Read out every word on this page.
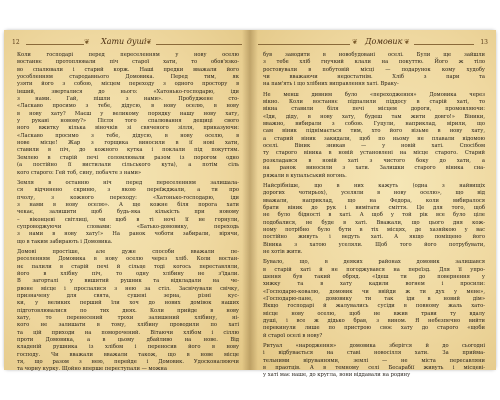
12	❦	Хати душі ❦
Коли господарі перед переселенням у нову оселю
востаннє протоплювали піч старої хати, то обов'язко-
во спалювали і старий корж. Нашi предки вважали його
уособленням стародавнього Домовика. Перед тим, як
узяти його з собою, місцем переходу з одного простору в
інший, зверталися до нього: «Хатонько-господарю, іди
з нами. Гай, пішли з нами». Пробуджене сто-
«Ласкаво просимо з тебе, дідусю, в нову оселю, в нову
в нову хату? Маєш у великому порядку нашу нову хату,
у рукаві новому?» Після того спалювання дещиці свого
ного вжитку кілька віночків зі свяченого зілля, приказуючи:
«Ласкаво просимо з тебе, дідусю, в нову оселю, в
нове місце! Жар з горщика виносили в ії нові хати,
ставили в піч, до кожного кутка і поклали під покуттям.
Землею в старій печі соломлювали разом із порогом одно
(а постійно її вистилали сільського кута), а потім сіль
кого старого: Гей тоб, сину, побачте з нами»
Земля в останню ніч перед переселенням залишала-
ся відчинено скриню, з якою переїжджали, а ти про
пчолу, з кожного переходу: «Хатонько-господарю, іди
з нами в нову оселю». А ще кожне біля порога хати
чекає, залишити щоб будь-яка кількість при новому
– віконцеві світлиці, чи щоб в ті ночі її не горнули,
супроводжуючи словами: «Батько-домовику, переходь
з нами в нову хату!» На ранок чоботи забирали, вірячи,
що в таким забирають і Домовика.
Домові простіше, але дуже способи вважали пе-
реселенням Домовика в нову оселю через хліб. Коли востан-
нє палили в старій печі й сільце тоді когось переставляли,
його в хлібну піч, то одну хлібину не з'їдали.
В загорталі у вишитий рушник та відкладали на че-
рвоне місце і прослалися з нею за стіл. Засвічували свічку,
призначену для свята, сушені зерна, різні кус-
ки, у великих перший їли хоч до нових домівок наших
підготовлювалися по тих днях. Коли прийде в нову
хату, то перенесений трохи залишений хлібину, ні-
кого не залишати в тому, хлібину проводили по хаті
та цій приходи на поморочений. Вітаючи хлібом і сіллю
проти Домовика, а в цьому дбайливо на нове. Від
кладеній рушника із хлібом і переносив його в нову
господу. Чи вважали вважали також, що в нове місце
тя, що разом з нею, перейде і Домовик. Удосконалюючи
та чорну курку. Щойно вперше переступали — можна
❦ Домовик ❦	13
був заводити в новобудовані оселі. Були ще зайшли
з тебе хліб гнучкий клали на покуттю. Його ж тіло
ростовували в побутовій місці — подарунок кому худобу
чи вважаючи недостатнім. Хліб з пари та
на пам'ять і що хлібних виправлення хаті. Враку-
Не менш дивним було «переходження» Домовика через
вікно. Коли востаннє підпалили піддосу в старій хаті, то
вікна ставили біля печі місцем дороги, промовляючи:
«Іди, діду, в нову хату, будеш там жити довго!» Віники,
вважно, вибирали з собою. Гуцули, наприклад, вірили, що
сам віник піднімається тим, хто його візьме в нову хату,
а старий віник закидали, щоб по ньому не плавали відомою
оселі. Віник зникав — у новій хаті. Спосібом
ту старого віника в новій установлені на місце старого. Старий
розкладався в новій хаті з чистого боку до хати, а
на ранок виносили з хати. Залишки старого віника сна-
ряжали в купальський вогонь.
Найсрібніше, що в них кажуть (одна з найвищіх
дорогих чотирьох), уселяли в нову оселю», що від
вважали, наприклад, що на Федора, коли вибиралося
брати віник до рук і вимітати сміття. Це для того, щоб
не було бідності в хаті. А щоб у той рік все було ціле
подобалися, не буде в хаті. Вважали, що цього дня кож-
ному потрібно було бути в тіх місцях, де хазяйкою у вас
постійно живуть і ведуть хаті. А якщо поміщено його
Віника з хатою уселяли. Щоб того його потрубувати,
не хотів жити.
Бувало, що, в деяких районах домовик залишався
в старій хаті й не погоджувався на переїзд. Для її упро-
шення був такий обряд. «Ідеш ти до повернення у
хижку та в хату кадили вогнем і просили:
«Господарю-ковалю, домовик чи ввійди ж ти дух у мене»,
«Господарю-пане, домовику ти так іди в новий дім»
Якщо господарі й жалувались сусіди в повному жаль хато-
місце нову оселю, щоб не вжив трави ту вдалу
душі, і все ж дідько брав, з вином. Я небезпечно вийти
перекинули лише по пристрою своє хату до старого «щоби
й старої оселі в нову?
Ритуал «народження» домовика зберігся й до сьогодні
і відбувається на ставі новосілля хати. За прийма-
тельними віруваннями, землі — не міста пересавляни
в праотців. А в темному селі Бесарабії живуть і місцеві-
у хаті має наше, до кругла, вони віддавали на родину
